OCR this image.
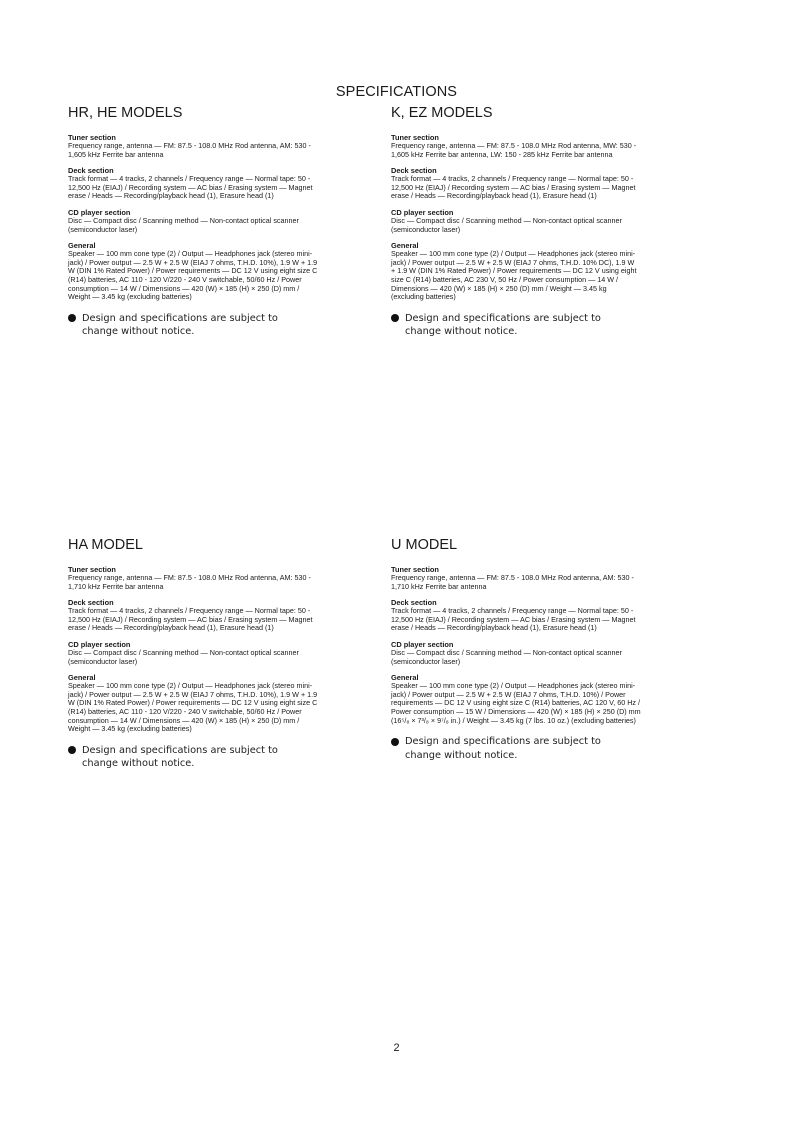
SPECIFICATIONS
HR, HE MODELS
Tuner section
Frequency range, antenna — FM: 87.5 - 108.0 MHz Rod antenna, AM: 530 - 1,605 kHz Ferrite bar antenna
Deck section
Track format — 4 tracks, 2 channels / Frequency range — Normal tape: 50 - 12,500 Hz (EIAJ) / Recording system — AC bias / Erasing system — Magnet erase / Heads — Recording/playback head (1), Erasure head (1)
CD player section
Disc — Compact disc / Scanning method — Non-contact optical scanner (semiconductor laser)
General
Speaker — 100 mm cone type (2) / Output — Headphones jack (stereo mini-jack) / Power output — 2.5 W + 2.5 W (EIAJ 7 ohms, T.H.D. 10%), 1.9 W + 1.9 W (DIN 1% Rated Power) / Power requirements — DC 12 V using eight size C (R14) batteries, AC 110 - 120 V/220 - 240 V switchable, 50/60 Hz / Power consumption — 14 W / Dimensions — 420 (W) × 185 (H) × 250 (D) mm / Weight — 3.45 kg (excluding batteries)
Design and specifications are subject to change without notice.
K, EZ MODELS
Tuner section
Frequency range, antenna — FM: 87.5 - 108.0 MHz Rod antenna, MW: 530 - 1,605 kHz Ferrite bar antenna, LW: 150 - 285 kHz Ferrite bar antenna
Deck section
Track format — 4 tracks, 2 channels / Frequency range — Normal tape: 50 - 12,500 Hz (EIAJ) / Recording system — AC bias / Erasing system — Magnet erase / Heads — Recording/playback head (1), Erasure head (1)
CD player section
Disc — Compact disc / Scanning method — Non-contact optical scanner (semiconductor laser)
General
Speaker — 100 mm cone type (2) / Output — Headphones jack (stereo mini-jack) / Power output — 2.5 W + 2.5 W (EIAJ 7 ohms, T.H.D. 10% DC), 1.9 W + 1.9 W (DIN 1% Rated Power) / Power requirements — DC 12 V using eight size C (R14) batteries, AC 230 V, 50 Hz / Power consumption — 14 W / Dimensions — 420 (W) × 185 (H) × 250 (D) mm / Weight — 3.45 kg (excluding batteries)
Design and specifications are subject to change without notice.
HA MODEL
Tuner section
Frequency range, antenna — FM: 87.5 - 108.0 MHz Rod antenna, AM: 530 - 1,710 kHz Ferrite bar antenna
Deck section
Track format — 4 tracks, 2 channels / Frequency range — Normal tape: 50 - 12,500 Hz (EIAJ) / Recording system — AC bias / Erasing system — Magnet erase / Heads — Recording/playback head (1), Erasure head (1)
CD player section
Disc — Compact disc / Scanning method — Non-contact optical scanner (semiconductor laser)
General
Speaker — 100 mm cone type (2) / Output — Headphones jack (stereo mini-jack) / Power output — 2.5 W + 2.5 W (EIAJ 7 ohms, T.H.D. 10%), 1.9 W + 1.9 W (DIN 1% Rated Power) / Power requirements — DC 12 V using eight size C (R14) batteries, AC 110 - 120 V/220 - 240 V switchable, 50/60 Hz / Power consumption — 14 W / Dimensions — 420 (W) × 185 (H) × 250 (D) mm / Weight — 3.45 kg (excluding batteries)
Design and specifications are subject to change without notice.
U MODEL
Tuner section
Frequency range, antenna — FM: 87.5 - 108.0 MHz Rod antenna, AM: 530 - 1,710 kHz Ferrite bar antenna
Deck section
Track format — 4 tracks, 2 channels / Frequency range — Normal tape: 50 - 12,500 Hz (EIAJ) / Recording system — AC bias / Erasing system — Magnet erase / Heads — Recording/playback head (1), Erasure head (1)
CD player section
Disc — Compact disc / Scanning method — Non-contact optical scanner (semiconductor laser)
General
Speaker — 100 mm cone type (2) / Output — Headphones jack (stereo mini-jack) / Power output — 2.5 W + 2.5 W (EIAJ 7 ohms, T.H.D. 10%) / Power requirements — DC 12 V using eight size C (R14) batteries, AC 120 V, 60 Hz / Power consumption — 15 W / Dimensions — 420 (W) × 185 (H) × 250 (D) mm (16⁵/₈ × 7³/₈ × 9⁷/₈ in.) / Weight — 3.45 kg (7 lbs. 10 oz.) (excluding batteries)
Design and specifications are subject to change without notice.
2
